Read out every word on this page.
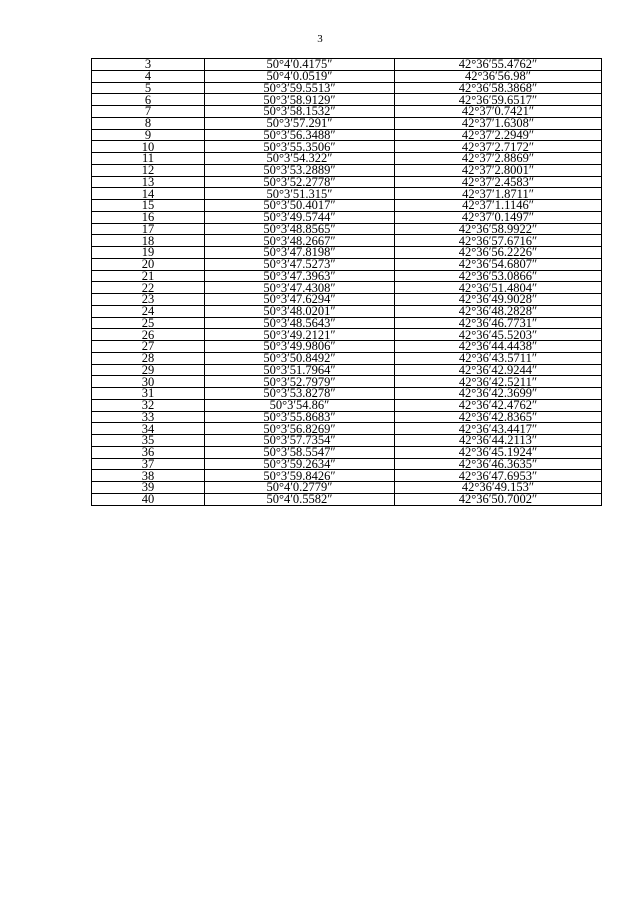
3
3	50°4′0.4175″	42°36′55.4762″
4	50°4′0.0519″	42°36′56.98″
5	50°3′59.5513″	42°36′58.3868″
6	50°3′58.9129″	42°36′59.6517″
7	50°3′58.1532″	42°37′0.7421″
8	50°3′57.291″	42°37′1.6308″
9	50°3′56.3488″	42°37′2.2949″
10	50°3′55.3506″	42°37′2.7172″
11	50°3′54.322″	42°37′2.8869″
12	50°3′53.2889″	42°37′2.8001″
13	50°3′52.2778″	42°37′2.4583″
14	50°3′51.315″	42°37′1.8711″
15	50°3′50.4017″	42°37′1.1146″
16	50°3′49.5744″	42°37′0.1497″
17	50°3′48.8565″	42°36′58.9922″
18	50°3′48.2667″	42°36′57.6716″
19	50°3′47.8198″	42°36′56.2226″
20	50°3′47.5273″	42°36′54.6807″
21	50°3′47.3963″	42°36′53.0866″
22	50°3′47.4308″	42°36′51.4804″
23	50°3′47.6294″	42°36′49.9028″
24	50°3′48.0201″	42°36′48.2828″
25	50°3′48.5643″	42°36′46.7731″
26	50°3′49.2121″	42°36′45.5203″
27	50°3′49.9806″	42°36′44.4438″
28	50°3′50.8492″	42°36′43.5711″
29	50°3′51.7964″	42°36′42.9244″
30	50°3′52.7979″	42°36′42.5211″
31	50°3′53.8278″	42°36′42.3699″
32	50°3′54.86″	42°36′42.4762″
33	50°3′55.8683″	42°36′42.8365″
34	50°3′56.8269″	42°36′43.4417″
35	50°3′57.7354″	42°36′44.2113″
36	50°3′58.5547″	42°36′45.1924″
37	50°3′59.2634″	42°36′46.3635″
38	50°3′59.8426″	42°36′47.6953″
39	50°4′0.2779″	42°36′49.153″
40	50°4′0.5582″	42°36′50.7002″
